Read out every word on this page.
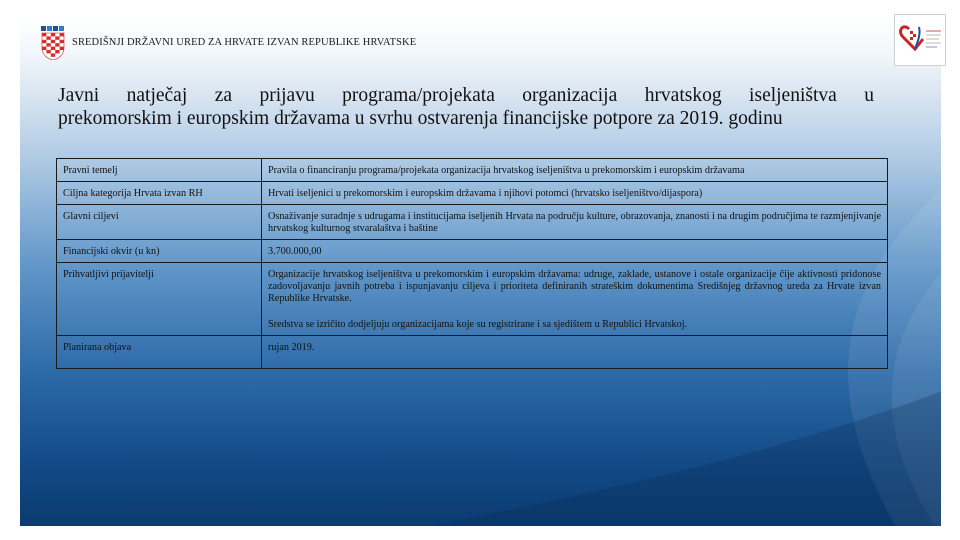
SREDIŠNJI DRŽAVNI URED ZA HRVATE IZVAN REPUBLIKE HRVATSKE
Javni natječaj za prijavu programa/projekata organizacija hrvatskog iseljeništva u
prekomorskim i europskim državama u svrhu ostvarenja financijske potpore za 2019. godinu
Pravni temelj	Pravila o financiranju programa/projekata organizacija hrvatskog iseljeništva u prekomorskim i europskim državama
Ciljna kategorija Hrvata izvan RH	Hrvati iseljenici u prekomorskim i europskim državama i njihovi potomci (hrvatsko iseljeništvo/dijaspora)
Glavni ciljevi	Osnaživanje suradnje s udrugama i institucijama iseljenih Hrvata na području kulture, obrazovanja, znanosti i na drugim područjima te razmjenjivanje hrvatskog kulturnog stvaralaštva i baštine
Financijski okvir (u kn)	3.700.000,00
Prihvatljivi prijavitelji	Organizacije hrvatskog iseljeništva u prekomorskim i europskim državama: udruge, zaklade, ustanove i ostale organizacije čije aktivnosti pridonose zadovoljavanju javnih potreba i ispunjavanju ciljeva i prioriteta definiranih strateškim dokumentima Središnjeg državnog ureda za Hrvate izvan Republike Hrvatske.
Sredstva se izričito dodjeljuju organizacijama koje su registrirane i sa sjedištem u Republici Hrvatskoj.

Planirana objava	rujan 2019.
